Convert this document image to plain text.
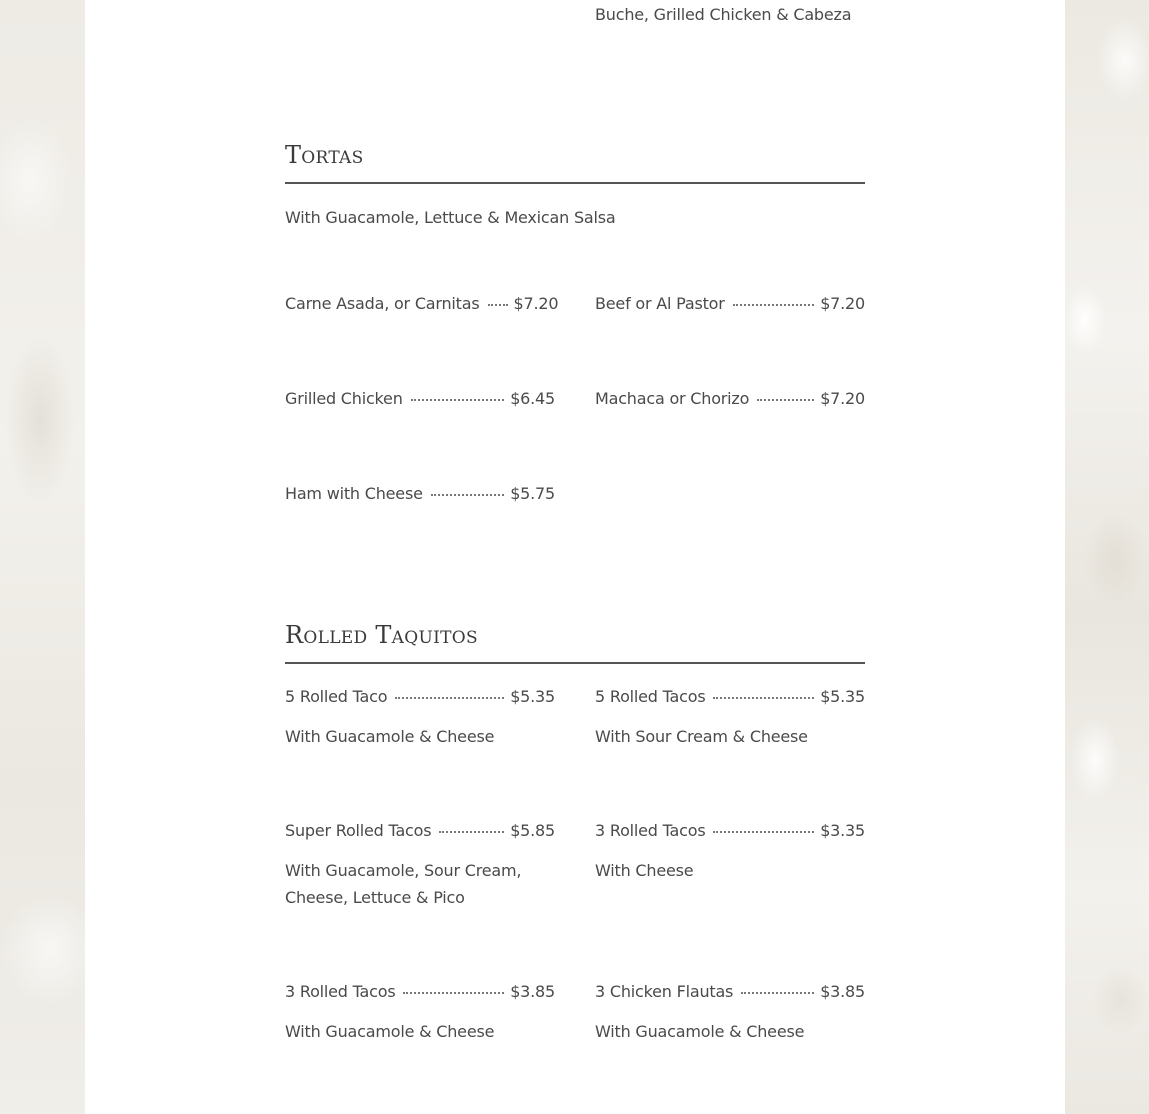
Buche, Grilled Chicken & Cabeza
Tortas
With Guacamole, Lettuce & Mexican Salsa
Carne Asada, or Carnitas $7.20 Beef or Al Pastor	$7.20
Grilled Chicken	$6.45	Machaca or Chorizo	$7.20
Ham with Cheese	$5.75
Rolled Taquitos
5 Rolled Taco	$5.35
With Guacamole & Cheese
5 Rolled Tacos	$5.35
With Sour Cream & Cheese
Super Rolled Tacos	$5.85
With Guacamole, Sour Cream, Cheese, Lettuce & Pico
3 Rolled Tacos	$3.35
With Cheese
3 Rolled Tacos	$3.85
With Guacamole & Cheese
3 Chicken Flautas	$3.85
With Guacamole & Cheese
